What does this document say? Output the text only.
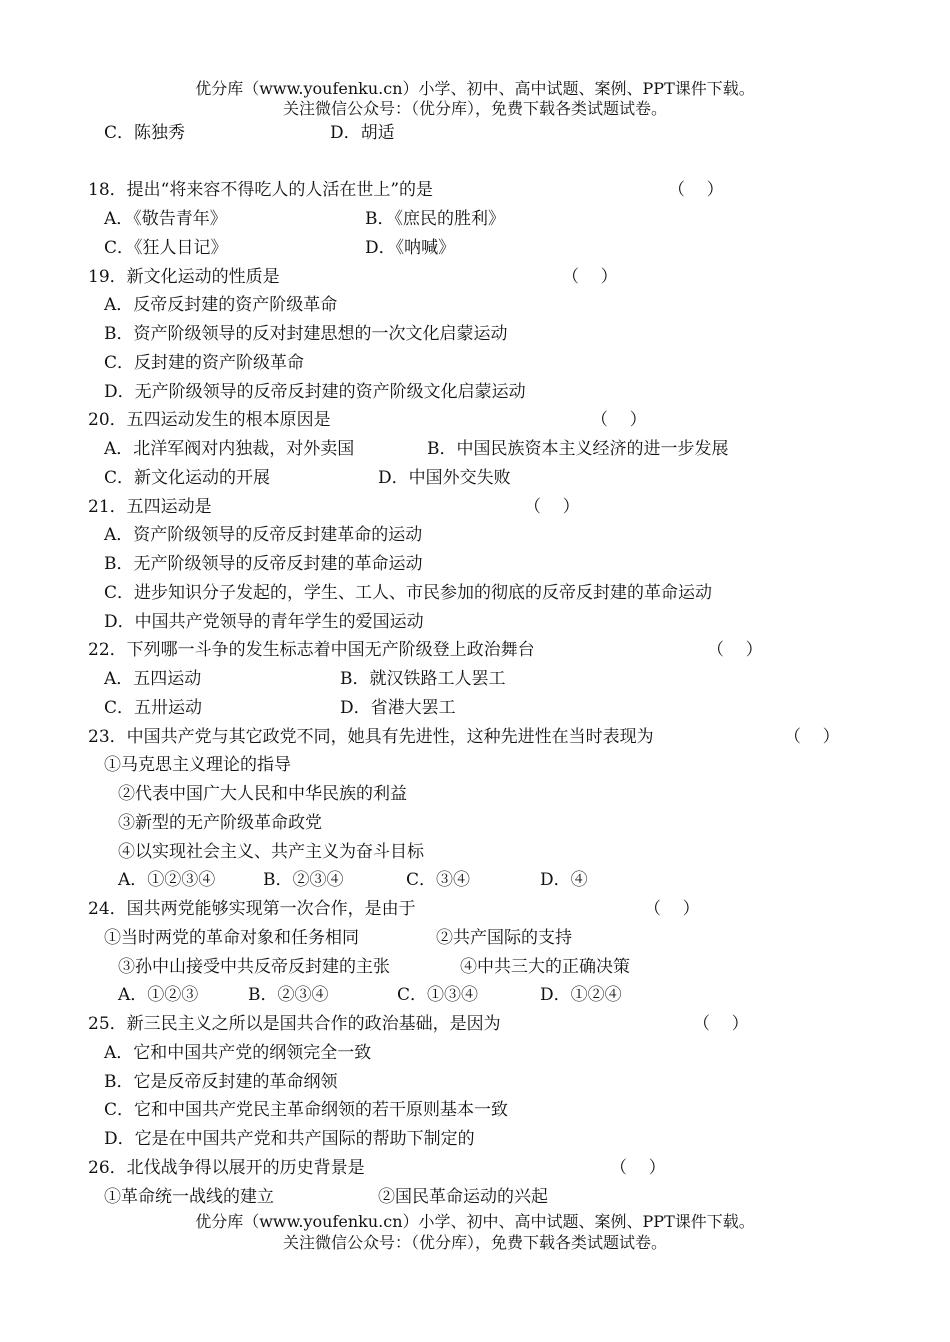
优分库（www.youfenku.cn）小学、初中、高中试题、案例、PPT课件下载。
关注微信公众号：（优分库），免费下载各类试题试卷。
C．陈独秀	D．胡适
18．提出“将来容不得吃人的人活在世上”的是	（    ）
A．《敬告青年》	B．《庶民的胜利》
C．《狂人日记》	D．《呐喊》
19．新文化运动的性质是	（    ）
A．反帝反封建的资产阶级革命
B．资产阶级领导的反对封建思想的一次文化启蒙运动
C．反封建的资产阶级革命
D．无产阶级领导的反帝反封建的资产阶级文化启蒙运动
20．五四运动发生的根本原因是	（    ）
A．北洋军阀对内独裁，对外卖国	B．中国民族资本主义经济的进一步发展
C．新文化运动的开展	D．中国外交失败
21．五四运动是	（    ）
A．资产阶级领导的反帝反封建革命的运动
B．无产阶级领导的反帝反封建的革命运动
C．进步知识分子发起的，学生、工人、市民参加的彻底的反帝反封建的革命运动
D．中国共产党领导的青年学生的爱国运动
22．下列哪一斗争的发生标志着中国无产阶级登上政治舞台	（    ）
A．五四运动	B．就汉铁路工人罢工
C．五卅运动	D．省港大罢工
23．中国共产党与其它政党不同，她具有先进性，这种先进性在当时表现为	（    ）
①马克思主义理论的指导
②代表中国广大人民和中华民族的利益
③新型的无产阶级革命政党
④以实现社会主义、共产主义为奋斗目标
A．①②③④	B．②③④	C．③④	D．④
24．国共两党能够实现第一次合作，是由于	（    ）
①当时两党的革命对象和任务相同	②共产国际的支持
③孙中山接受中共反帝反封建的主张	④中共三大的正确决策
A．①②③	B．②③④	C．①③④	D．①②④
25．新三民主义之所以是国共合作的政治基础，是因为	（    ）
A．它和中国共产党的纲领完全一致
B．它是反帝反封建的革命纲领
C．它和中国共产党民主革命纲领的若干原则基本一致
D．它是在中国共产党和共产国际的帮助下制定的
26．北伐战争得以展开的历史背景是	（    ）
①革命统一战线的建立	②国民革命运动的兴起
优分库（www.youfenku.cn）小学、初中、高中试题、案例、PPT课件下载。
关注微信公众号：（优分库），免费下载各类试题试卷。
